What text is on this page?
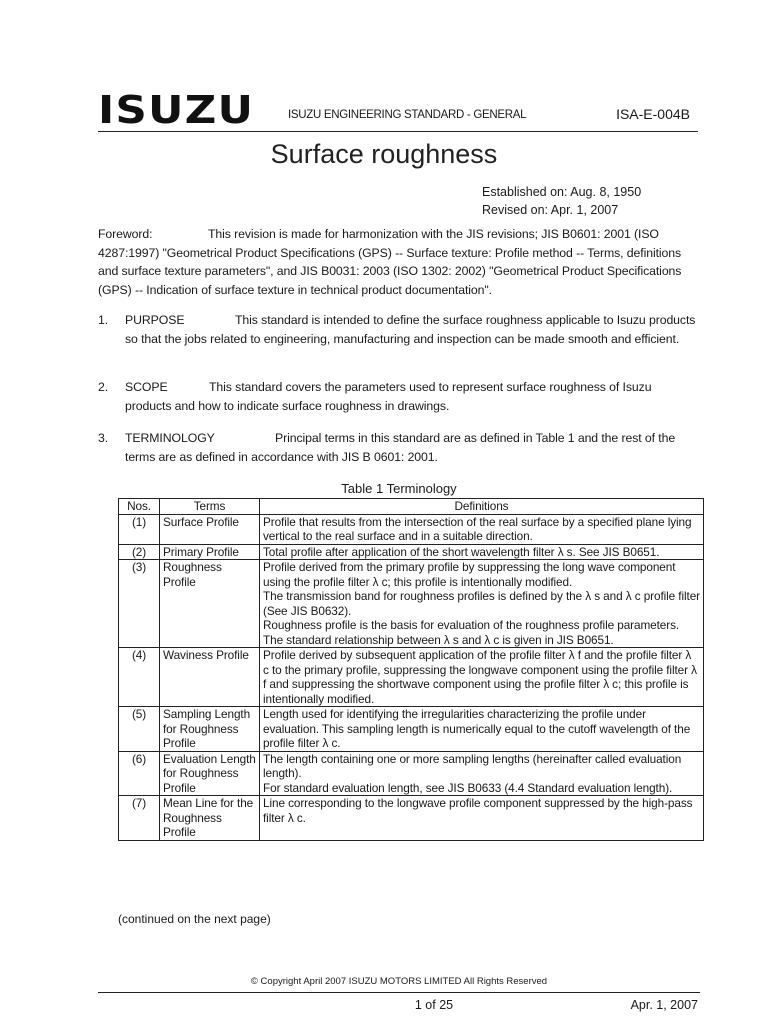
ISUZU	ISUZU ENGINEERING STANDARD - GENERAL	ISA-E-004B
Surface roughness
Established on: Aug. 8, 1950
Revised on: Apr. 1, 2007
Foreword:	This revision is made for harmonization with the JIS revisions; JIS B0601: 2001 (ISO 4287:1997) "Geometrical Product Specifications (GPS) -- Surface texture: Profile method -- Terms, definitions and surface texture parameters", and JIS B0031: 2003 (ISO 1302: 2002) "Geometrical Product Specifications (GPS) -- Indication of surface texture in technical product documentation".
1. PURPOSE	This standard is intended to define the surface roughness applicable to Isuzu products so that the jobs related to engineering, manufacturing and inspection can be made smooth and efficient.
2. SCOPE	This standard covers the parameters used to represent surface roughness of Isuzu products and how to indicate surface roughness in drawings.
3. TERMINOLOGY	Principal terms in this standard are as defined in Table 1 and the rest of the terms are as defined in accordance with JIS B 0601: 2001.
Table 1 Terminology
Nos.	Terms	Definitions
(1)	Surface Profile	Profile that results from the intersection of the real surface by a specified plane lying vertical to the real surface and in a suitable direction.

(2)	Primary Profile	Total profile after application of the short wavelength filter λ s. See JIS B0651.

(3)	Roughness Profile	Profile derived from the primary profile by suppressing the long wave component using the profile filter λ c; this profile is intentionally modified.
The transmission band for roughness profiles is defined by the λ s and λ c profile filter (See JIS B0632).
Roughness profile is the basis for evaluation of the roughness profile parameters.
The standard relationship between λ s and λ c is given in JIS B0651.

(4)	Waviness Profile	Profile derived by subsequent application of the profile filter λ f and the profile filter λ c to the primary profile, suppressing the longwave component using the profile filter λ f and suppressing the shortwave component using the profile filter λ c; this profile is intentionally modified.

(5)	Sampling Length for Roughness Profile	Length used for identifying the irregularities characterizing the profile under evaluation. This sampling length is numerically equal to the cutoff wavelength of the profile filter λ c.

(6)	Evaluation Length for Roughness Profile	The length containing one or more sampling lengths (hereinafter called evaluation length).
For standard evaluation length, see JIS B0633 (4.4 Standard evaluation length).

(7)	Mean Line for the Roughness Profile	Line corresponding to the longwave profile component suppressed by the high-pass filter λ c.
(continued on the next page)
© Copyright April 2007 ISUZU MOTORS LIMITED All Rights Reserved
1 of 25	Apr. 1, 2007
